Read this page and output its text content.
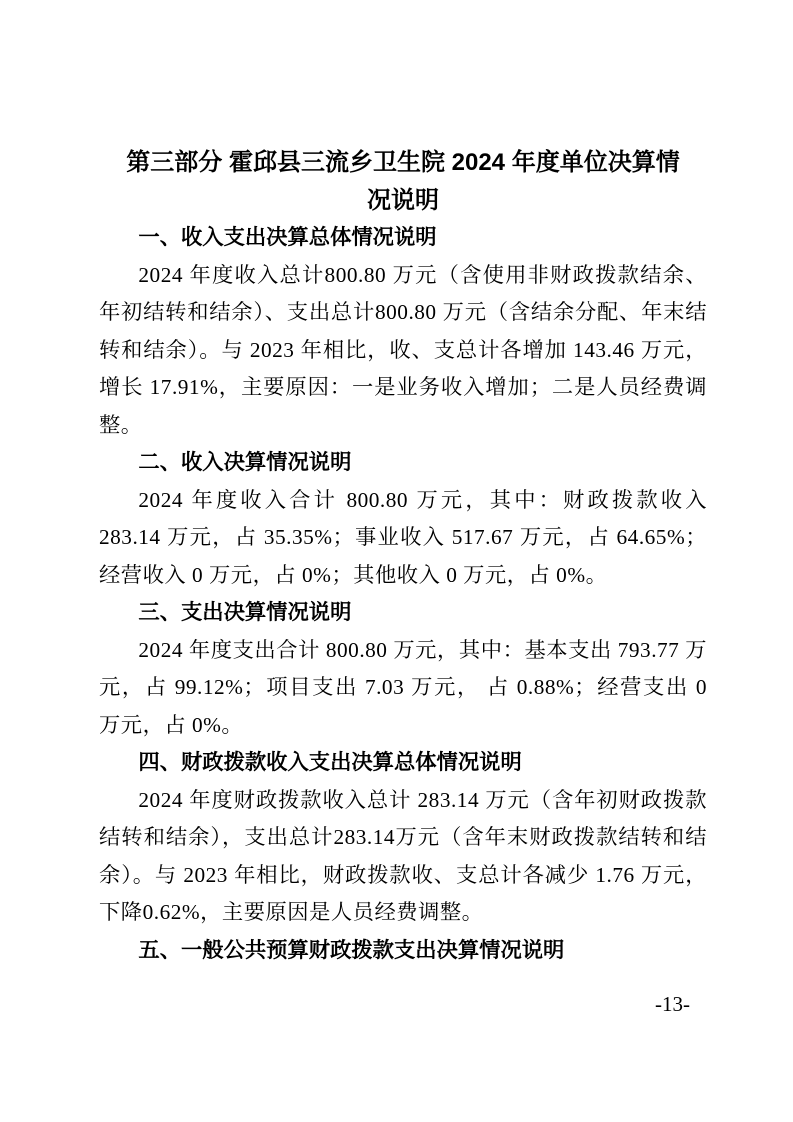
第三部分 霍邱县三流乡卫生院 2024 年度单位决算情
况说明
一、收入支出决算总体情况说明

2024 年度收入总计800.80 万元（含使用非财政拨款结余、年初结转和结余）、支出总计800.80 万元（含结余分配、年末结转和结余）。与 2023 年相比，收、支总计各增加 143.46 万元，增长 17.91%，主要原因：一是业务收入增加；二是人员经费调整。

二、收入决算情况说明

2024 年度收入合计 800.80 万元，其中：财政拨款收入 283.14 万元，占 35.35%；事业收入 517.67 万元，占 64.65%；经营收入 0 万元，占 0%；其他收入 0 万元，占 0%。

三、支出决算情况说明

2024 年度支出合计 800.80 万元，其中：基本支出 793.77 万 元，占 99.12%；项目支出 7.03 万元， 占 0.88%；经营支出 0 万元，占 0%。

四、财政拨款收入支出决算总体情况说明

2024 年度财政拨款收入总计 283.14 万元（含年初财政拨款结转和结余），支出总计283.14万元（含年末财政拨款结转和结余）。与 2023 年相比，财政拨款收、支总计各减少 1.76 万元，下降0.62%，主要原因是人员经费调整。

五、一般公共预算财政拨款支出决算情况说明
-13-
